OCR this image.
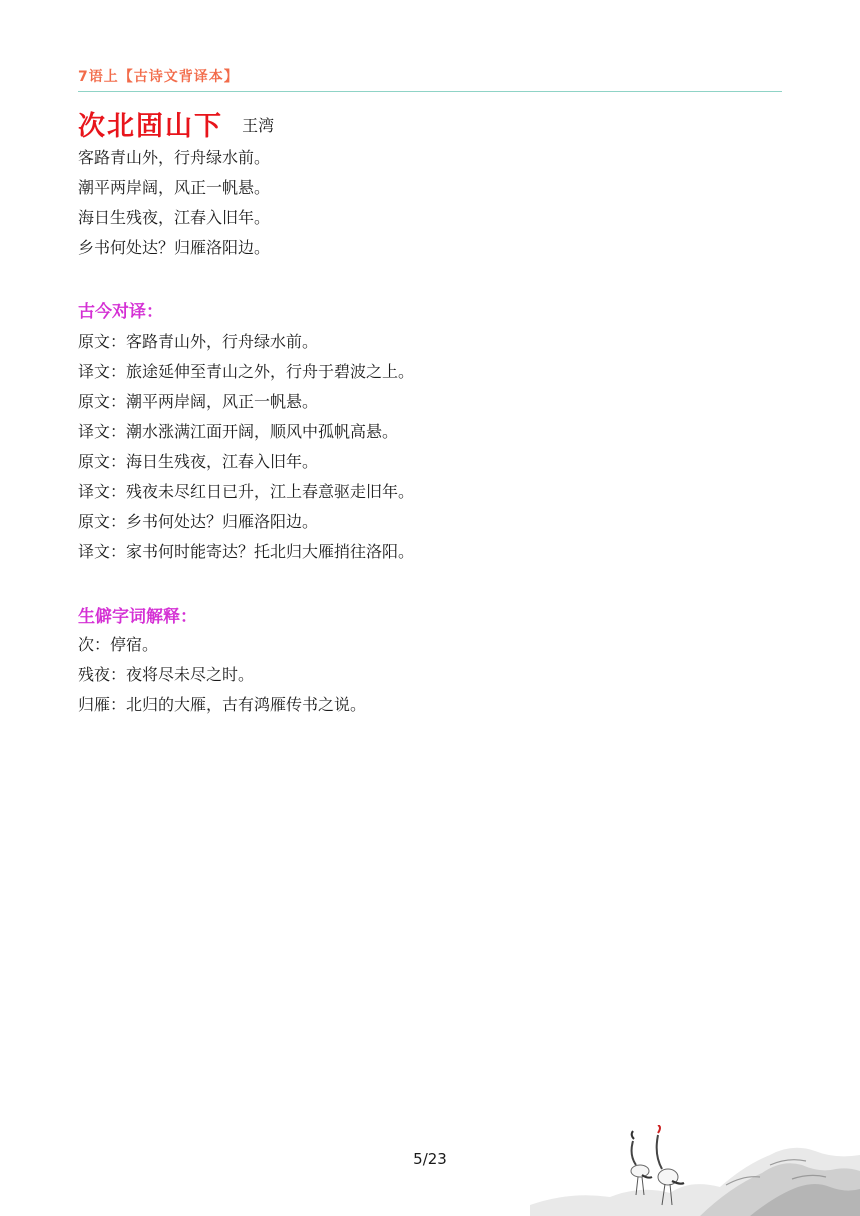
7语上【古诗文背译本】
次北固山下 王湾
客路青山外，行舟绿水前。
潮平两岸阔，风正一帆悬。
海日生残夜，江春入旧年。
乡书何处达？归雁洛阳边。
古今对译：
原文：客路青山外，行舟绿水前。
译文：旅途延伸至青山之外，行舟于碧波之上。
原文：潮平两岸阔，风正一帆悬。
译文：潮水涨满江面开阔，顺风中孤帆高悬。
原文：海日生残夜，江春入旧年。
译文：残夜未尽红日已升，江上春意驱走旧年。
原文：乡书何处达？归雁洛阳边。
译文：家书何时能寄达？托北归大雁捎往洛阳。
生僻字词解释：
次：停宿。
残夜：夜将尽未尽之时。
归雁：北归的大雁，古有鸿雁传书之说。
5/23
